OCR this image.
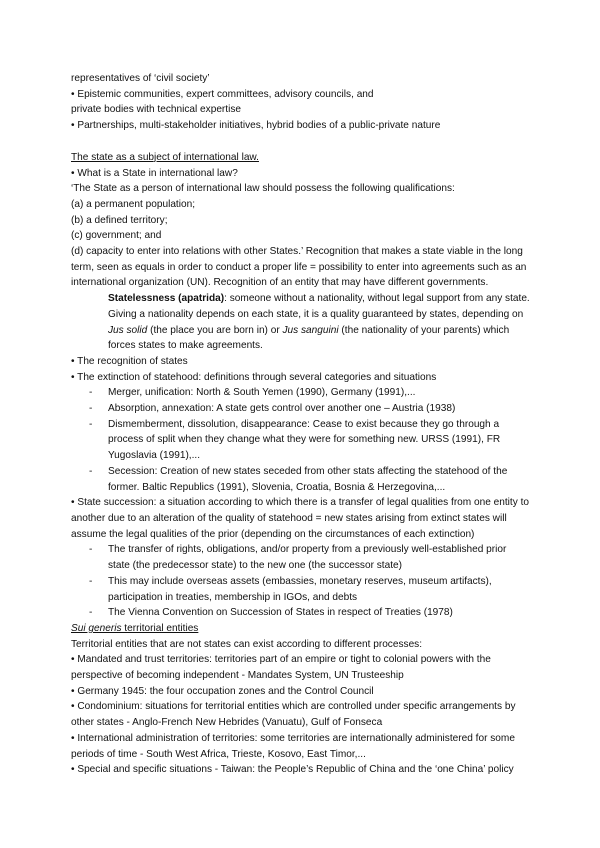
representatives of ‘civil society’

• Epistemic communities, expert committees, advisory councils, and

private bodies with technical expertise

• Partnerships, multi-stakeholder initiatives, hybrid bodies of a public-private nature

The state as a subject of international law.

• What is a State in international law?

‘The State as a person of international law should possess the following qualifications:

(a) a permanent population;

(b) a defined territory;

(c) government; and

(d) capacity to enter into relations with other States.’ Recognition that makes a state viable in the long term, seen as equals in order to conduct a proper life = possibility to enter into agreements such as an international organization (UN). Recognition of an entity that may have different governments.

Statelessness (apatrida): someone without a nationality, without legal support from any state. Giving a nationality depends on each state, it is a quality guaranteed by states, depending on Jus solid (the place you are born in) or Jus sanguini (the nationality of your parents) which forces states to make agreements.

• The recognition of states

• The extinction of statehood: definitions through several categories and situations

- Merger, unification: North & South Yemen (1990), Germany (1991),...

- Absorption, annexation: A state gets control over another one – Austria (1938)

- Dismemberment, dissolution, disappearance: Cease to exist because they go through a process of split when they change what they were for something new. URSS (1991), FR Yugoslavia (1991),...

- Secession: Creation of new states seceded from other stats affecting the statehood of the former. Baltic Republics (1991), Slovenia, Croatia, Bosnia & Herzegovina,...

• State succession: a situation according to which there is a transfer of legal qualities from one entity to another due to an alteration of the quality of statehood = new states arising from extinct states will assume the legal qualities of the prior (depending on the circumstances of each extinction)

- The transfer of rights, obligations, and/or property from a previously well-established prior state (the predecessor state) to the new one (the successor state)

- This may include overseas assets (embassies, monetary reserves, museum artifacts), participation in treaties, membership in IGOs, and debts

- The Vienna Convention on Succession of States in respect of Treaties (1978)

Sui generis territorial entities

Territorial entities that are not states can exist according to different processes:

• Mandated and trust territories: territories part of an empire or tight to colonial powers with the perspective of becoming independent - Mandates System, UN Trusteeship

• Germany 1945: the four occupation zones and the Control Council

• Condominium: situations for territorial entities which are controlled under specific arrangements by other states - Anglo-French New Hebrides (Vanuatu), Gulf of Fonseca

• International administration of territories: some territories are internationally administered for some periods of time - South West Africa, Trieste, Kosovo, East Timor,...

• Special and specific situations - Taiwan: the People’s Republic of China and the ‘one China’ policy
